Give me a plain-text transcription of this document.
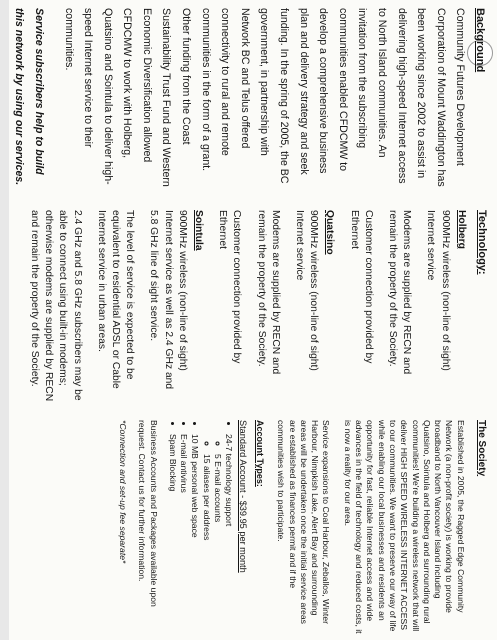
Background

Community Futures Development Corporation of Mount Waddington has been working since 2002 to assist in delivering high-speed Internet access to North Island communities. An invitation from the subscribing communities enabled CFDCMW to develop a comprehensive business plan and delivery strategy and seek funding. In the spring of 2005, the BC government, in partnership with Network BC and Telus offered connectivity to rural and remote communities in the form of a grant. Other funding from the Coast Sustainability Trust Fund and Western Economic Diversification allowed CFDCMW to work with Holberg, Quatsino and Sointula to deliver high-speed Internet service to their communities.

Service subscribers help to build this network by using our services.

Technology:

Holberg

900MHz wireless (non-line of sight) Internet service

Modems are supplied by RECN and remain the property of the Society.

Customer connection provided by Ethernet

Quatsino

900MHz wireless (non-line of sight) Internet service

Modems are supplied by RECN and remain the property of the Society.

Customer connection provided by Ethernet

Sointula

900MHz wireless (non-line of sight) Internet service as well as 2.4 GHz and 5.8 GHz line of sight service.

The level of service is expected to be equivalent to residential ADSL or Cable Internet service in urban areas.

2.4 GHz and 5.8 GHz subscribers may be able to connect using built-in modems; otherwise modems are supplied by RECN and remain the property of the Society.

The Society

Established in 2005, the Ragged Edge Community Network (a non-profit society) is working to provide broadband to North Vancouver Island including Quatsino, Sointula and Holberg and surrounding rural communities! We're building a wireless network that will deliver HIGH SPEED WIRELESS INTERNET ACCESS to our communities. We want to preserve our way of life while enabling our local businesses and residents an opportunity for fast, reliable Internet access and wide advances in the field of technology and reduced costs, it is now a reality for our area.

Service expansions to Coal Harbour, Zeballos, Winter Harbour, Nimpkish Lake, Alert Bay and surrounding areas will be undertaken once the initial service areas are established as finances permit and if the communities wish to participate.

Account Types:

Standard Account - $39.95 per month

• 24-7 technology support
◦ 5 E-mail accounts
◦ 15 aliases per address
• 10 MB personal web space
• E-mail antivirus
• Spam Blocking

Business Accounts and Packages available upon request. Contact us for further information.

*Connection and set-up fee separate*
